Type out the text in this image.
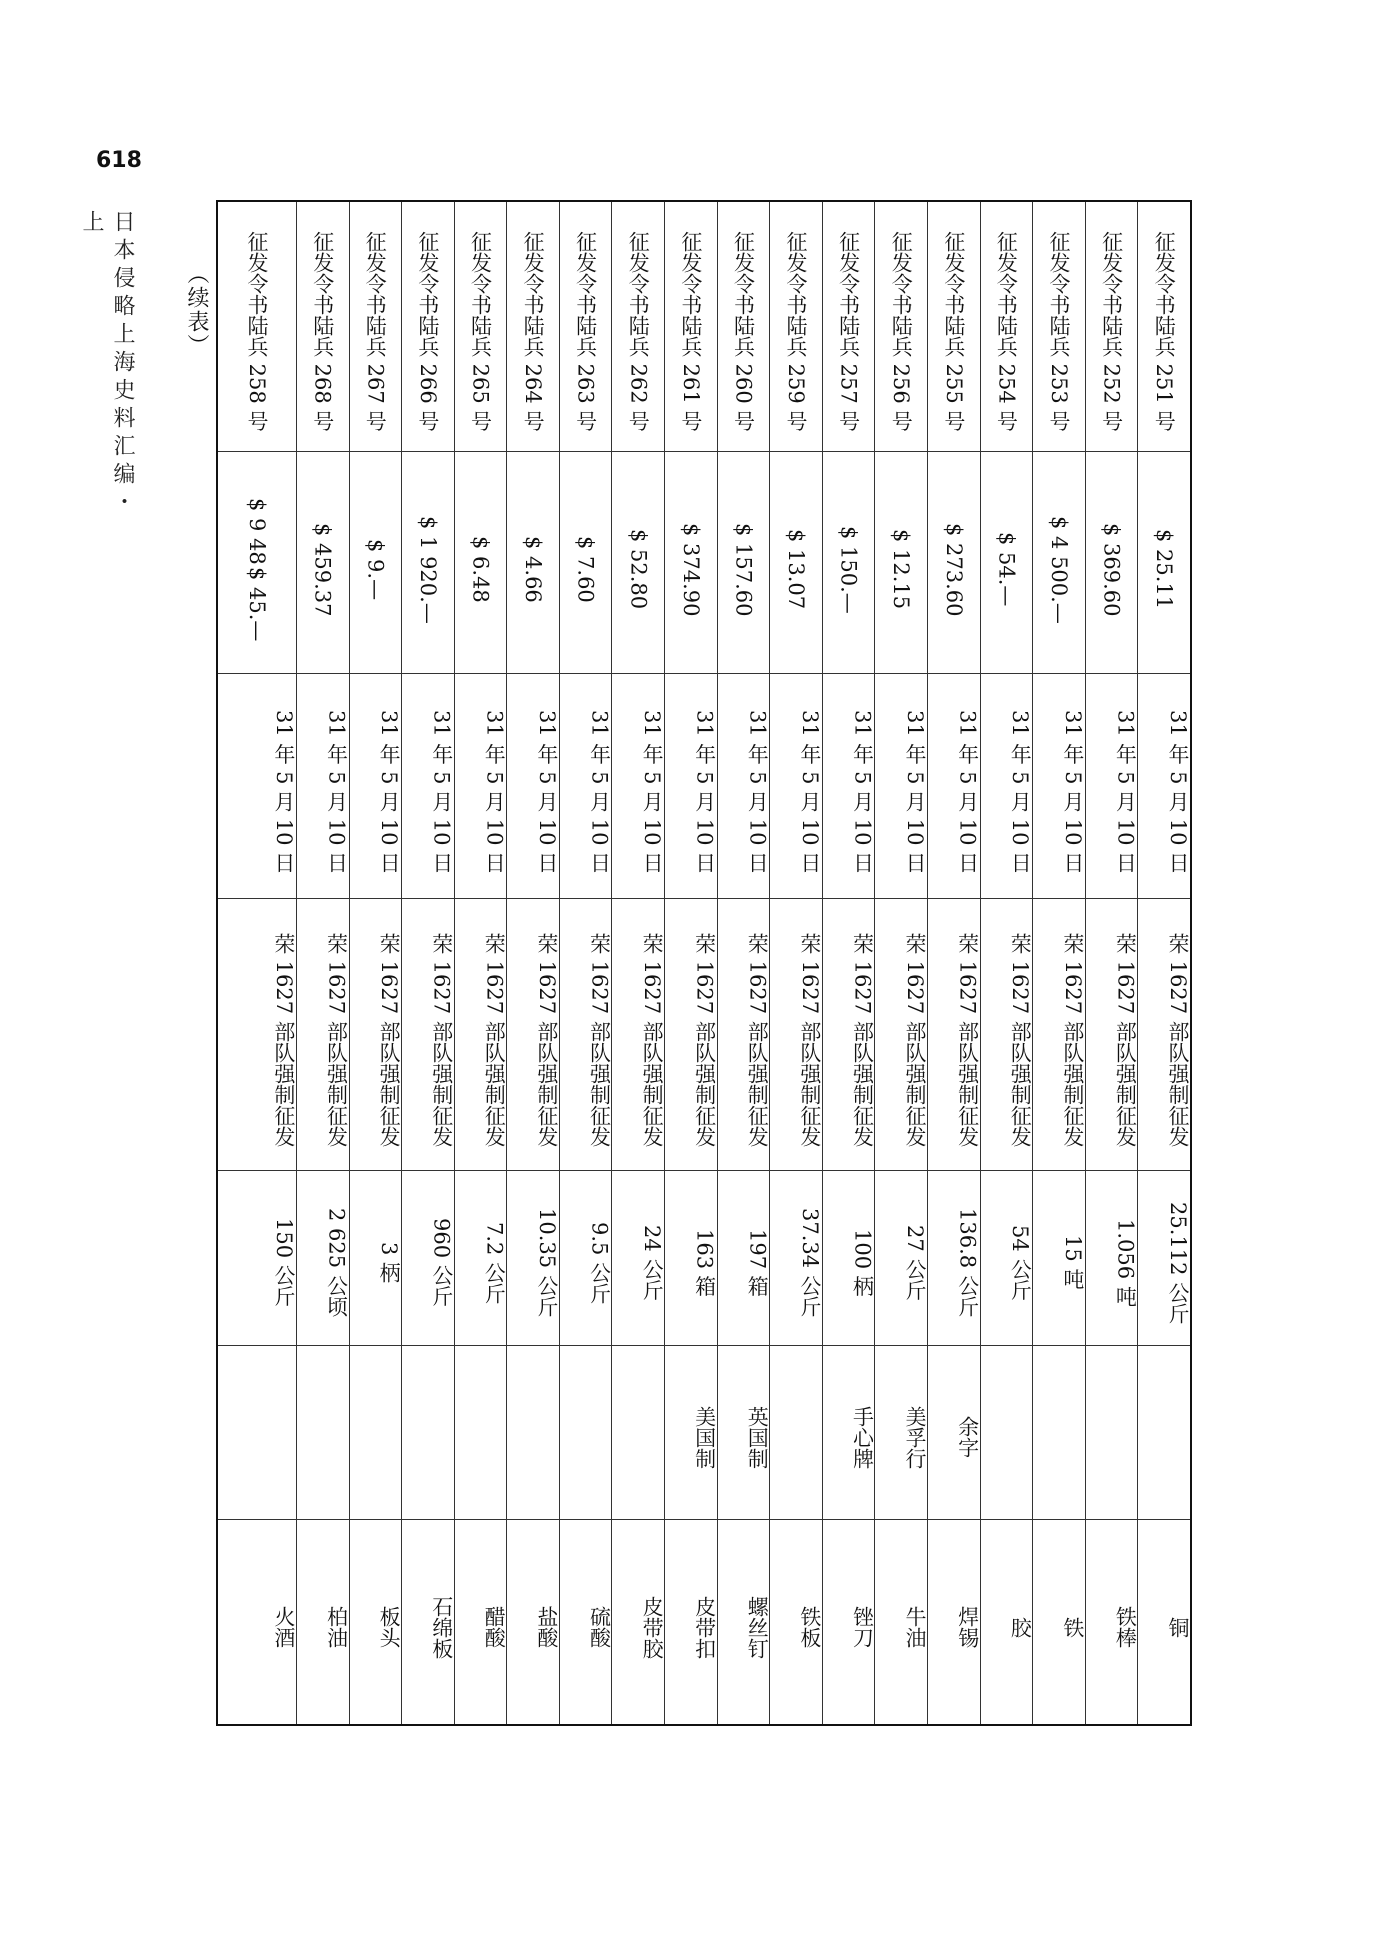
618
日本侵略上海史料汇编・上
（续表）	征发令书陆兵 251 号
$ 25.11
31 年 5 月 10 日
荣 1627 部队强制征发
25.112 公斤
铜
征发令书陆兵 252 号
$ 369.60
31 年 5 月 10 日
荣 1627 部队强制征发
1.056 吨
铁棒
征发令书陆兵 253 号
$ 4 500.—
31 年 5 月 10 日
荣 1627 部队强制征发
15 吨
铁
征发令书陆兵 254 号
$ 54.—
31 年 5 月 10 日
荣 1627 部队强制征发
54 公斤
胶
征发令书陆兵 255 号
$ 273.60
31 年 5 月 10 日
荣 1627 部队强制征发
136.8 公斤
余字
焊锡
征发令书陆兵 256 号
$ 12.15
31 年 5 月 10 日
荣 1627 部队强制征发
27 公斤
美孚行
牛油
征发令书陆兵 257 号
$ 150.—
31 年 5 月 10 日
荣 1627 部队强制征发
100 柄
手心牌
锉刀
征发令书陆兵 259 号
$ 13.07
31 年 5 月 10 日
荣 1627 部队强制征发
37.34 公斤
铁板
征发令书陆兵 260 号
$ 157.60
31 年 5 月 10 日
荣 1627 部队强制征发
197 箱
英国制
螺丝钉
征发令书陆兵 261 号
$ 374.90
31 年 5 月 10 日
荣 1627 部队强制征发
163 箱
美国制
皮带扣
征发令书陆兵 262 号
$ 52.80
31 年 5 月 10 日
荣 1627 部队强制征发
24 公斤
皮带胶
征发令书陆兵 263 号
$ 7.60
31 年 5 月 10 日
荣 1627 部队强制征发
9.5 公斤
硫酸
征发令书陆兵 264 号
$ 4.66
31 年 5 月 10 日
荣 1627 部队强制征发
10.35 公斤
盐酸
征发令书陆兵 265 号
$ 6.48
31 年 5 月 10 日
荣 1627 部队强制征发
7.2 公斤
醋酸
征发令书陆兵 266 号
$ 1 920.—
31 年 5 月 10 日
荣 1627 部队强制征发
960 公斤
石绵板
征发令书陆兵 267 号
$ 9.—
31 年 5 月 10 日
荣 1627 部队强制征发
3 柄
板头
征发令书陆兵 268 号
$ 459.37
31 年 5 月 10 日
荣 1627 部队强制征发
2 625 公顷
柏油
征发令书陆兵 258 号
$ 45.—
$ 9 48
31 年 5 月 10 日
荣 1627 部队强制征发
150 公斤
火酒
